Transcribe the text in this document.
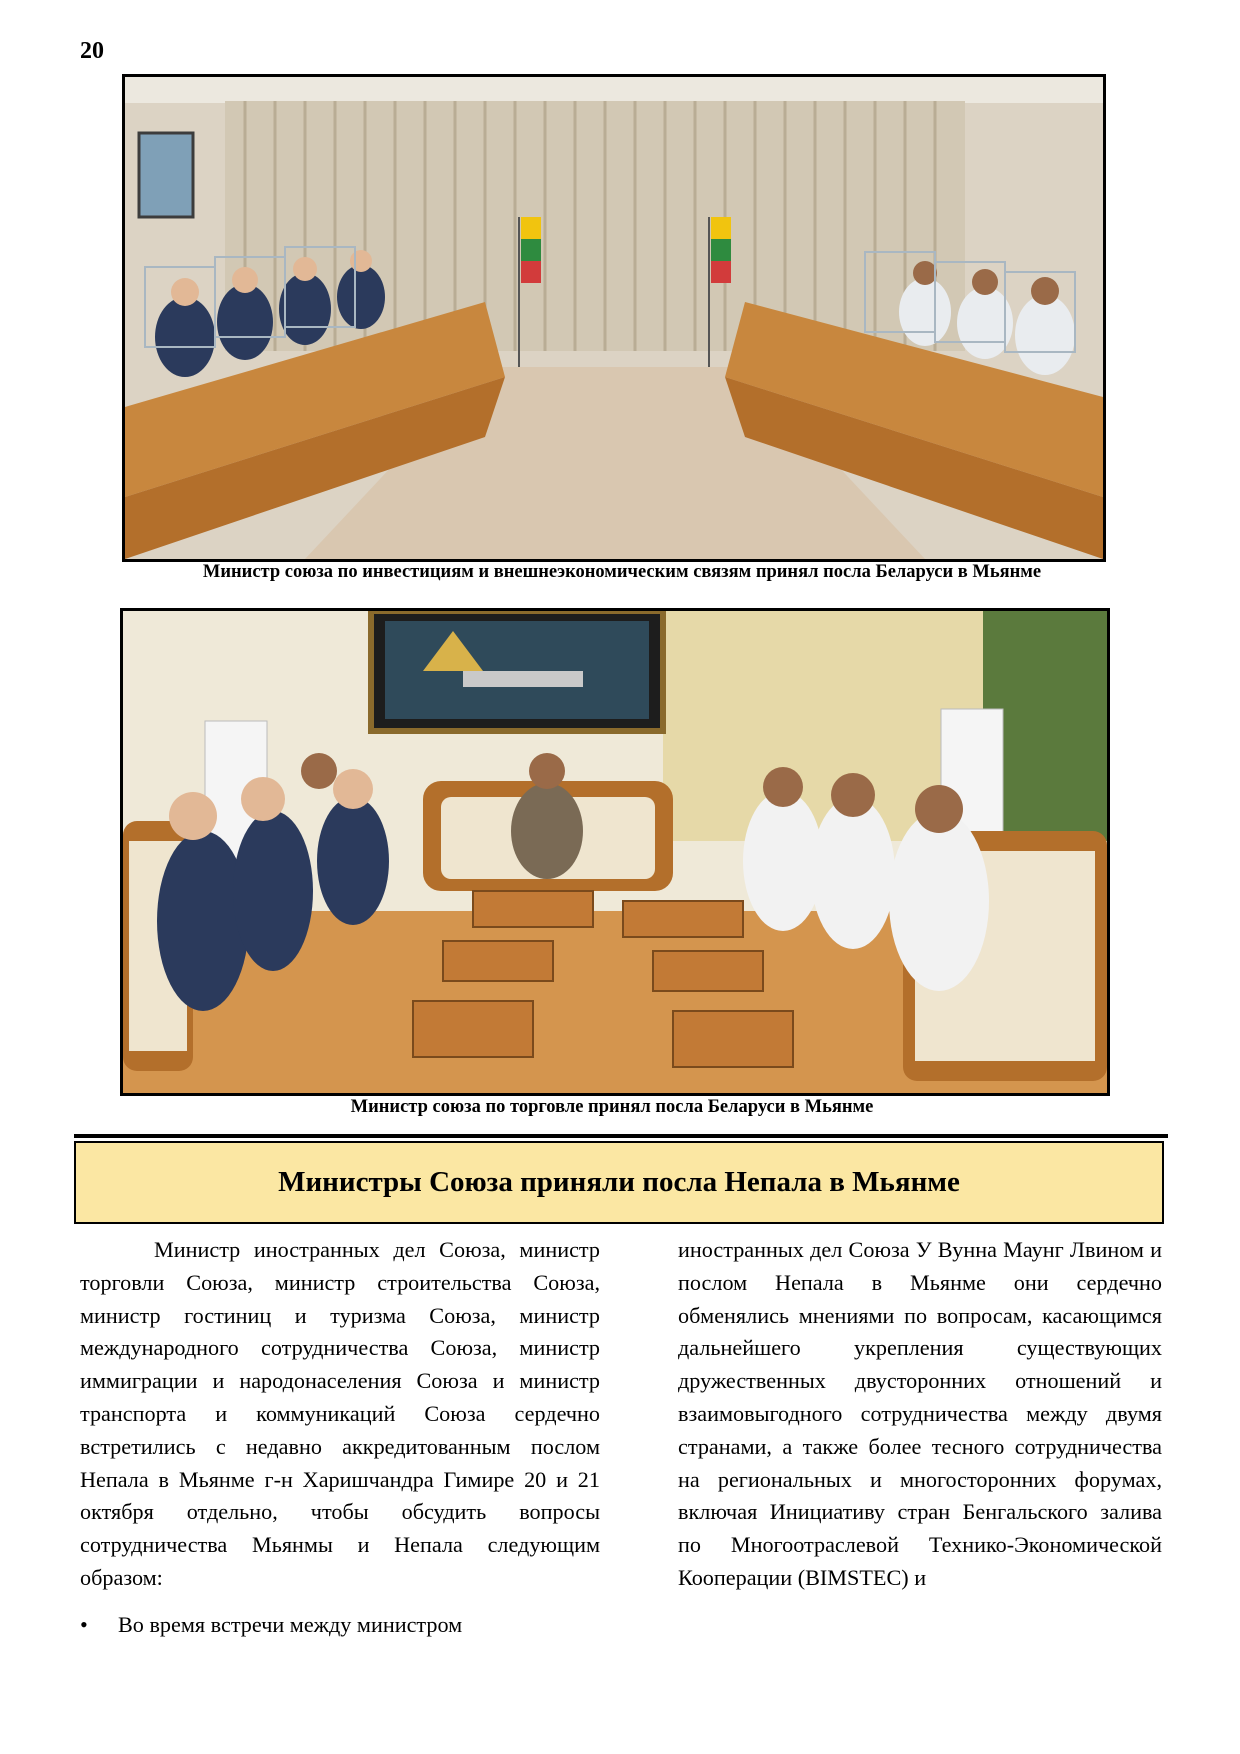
20
Министр союза по инвестициям и внешнеэкономическим связям принял посла Беларуси в Мьянме
Министр союза по торговле принял посла Беларуси в Мьянме
Министры Союза приняли посла Непала в Мьянме

Министр иностранных дел Союза, министр торговли Союза, министр строительства Союза, министр гостиниц и туризма Союза, министр международного сотрудничества Союза, министр иммиграции и народонаселения Союза и министр транспорта и коммуникаций Союза сердечно встретились с недавно аккредитованным послом Непала в Мьянме г-н Харишчандра Гимире 20 и 21 октября отдельно, чтобы обсудить вопросы сотрудничества Мьянмы и Непала следующим образом:

• Во время встречи между министром

иностранных дел Союза У Вунна Маунг Лвином и послом Непала в Мьянме они сердечно обменялись мнениями по вопросам, касающимся дальнейшего укрепления существующих дружественных двусторонних отношений и взаимовыгодного сотрудничества между двумя странами, а также более тесного сотрудничества на региональных и многосторонних форумах, включая Инициативу стран Бенгальского залива по Многоотраслевой Технико-Экономической Кооперации (BIMSTEC) и
